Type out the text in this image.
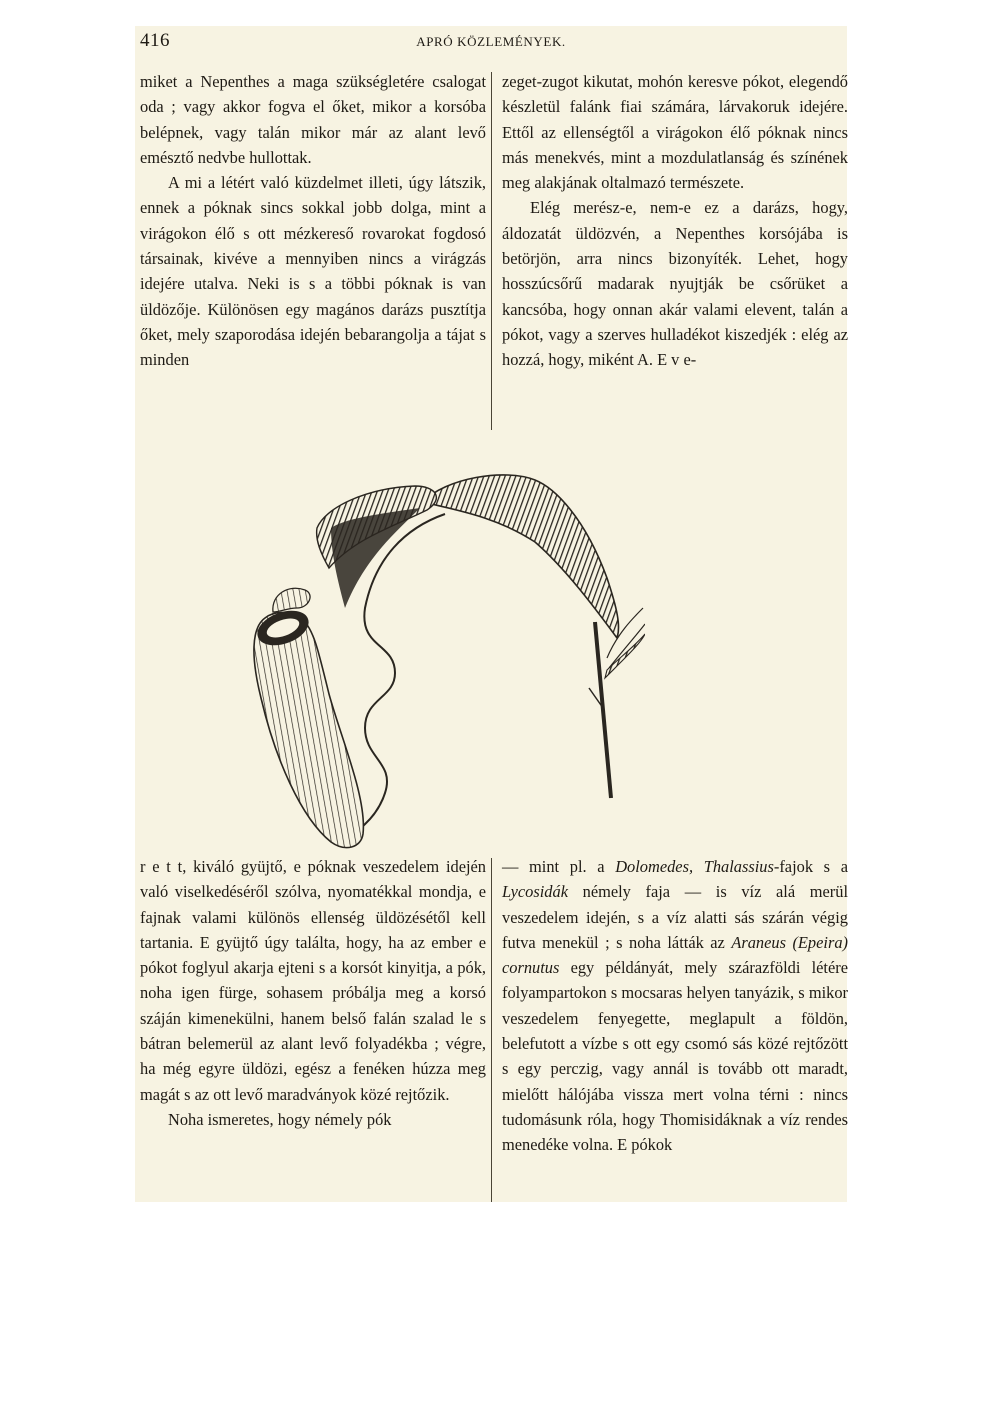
416	APRÓ KÖZLEMÉNYEK.

miket a Nepenthes a maga szükségletére csalogat oda ; vagy akkor fogva el őket, mikor a korsóba belépnek, vagy talán mikor már az alant levő emésztő nedvbe hullottak.

A mi a létért való küzdelmet illeti, úgy látszik, ennek a póknak sincs sokkal jobb dolga, mint a virágokon élő s ott mézkereső rovarokat fogdosó társainak, kivéve a mennyiben nincs a virágzás idejére utalva. Neki is s a többi póknak is van üldözője. Különösen egy magános darázs pusztítja őket, mely szaporodása idején bebarangolja a tájat s minden

zeget-zugot kikutat, mohón keresve pókot, elegendő készletül falánk fiai számára, lárvakoruk idejére. Ettől az ellenségtől a virágokon élő póknak nincs más menekvés, mint a mozdulatlanság és színének meg alakjának oltalmazó természete.

Elég merész-e, nem-e ez a darázs, hogy, áldozatát üldözvén, a Nepenthes korsójába is betörjön, arra nincs bizonyíték. Lehet, hogy hosszúcsőrű madarak nyujtják be csőrüket a kancsóba, hogy onnan akár valami elevent, talán a pókot, vagy a szerves hulladékot kiszedjék : elég az hozzá, hogy, miként A. E v e-

r e t t, kiváló gyüjtő, e póknak veszedelem idején való viselkedéséről szólva, nyomatékkal mondja, e fajnak valami különös ellenség üldözésétől kell tartania. E gyüjtő úgy találta, hogy, ha az ember e pókot foglyul akarja ejteni s a korsót kinyitja, a pók, noha igen fürge, sohasem próbálja meg a korsó száján kimenekülni, hanem belső falán szalad le s bátran belemerül az alant levő folyadékba ; végre, ha még egyre üldözi, egész a fenéken húzza meg magát s az ott levő maradványok közé rejtőzik.

Noha ismeretes, hogy némely pók

— mint pl. a Dolomedes, Thalassius-fajok s a Lycosidák némely faja — is víz alá merül veszedelem idején, s a víz alatti sás szárán végig futva menekül ; s noha látták az Araneus (Epeira) cornutus egy példányát, mely szárazföldi létére folyampartokon s mocsaras helyen tanyázik, s mikor veszedelem fenyegette, meglapult a földön, belefutott a vízbe s ott egy csomó sás közé rejtőzött s egy perczig, vagy annál is tovább ott maradt, mielőtt hálójába vissza mert volna térni : nincs tudomásunk róla, hogy Thomisidáknak a víz rendes menedéke volna. E pókok
